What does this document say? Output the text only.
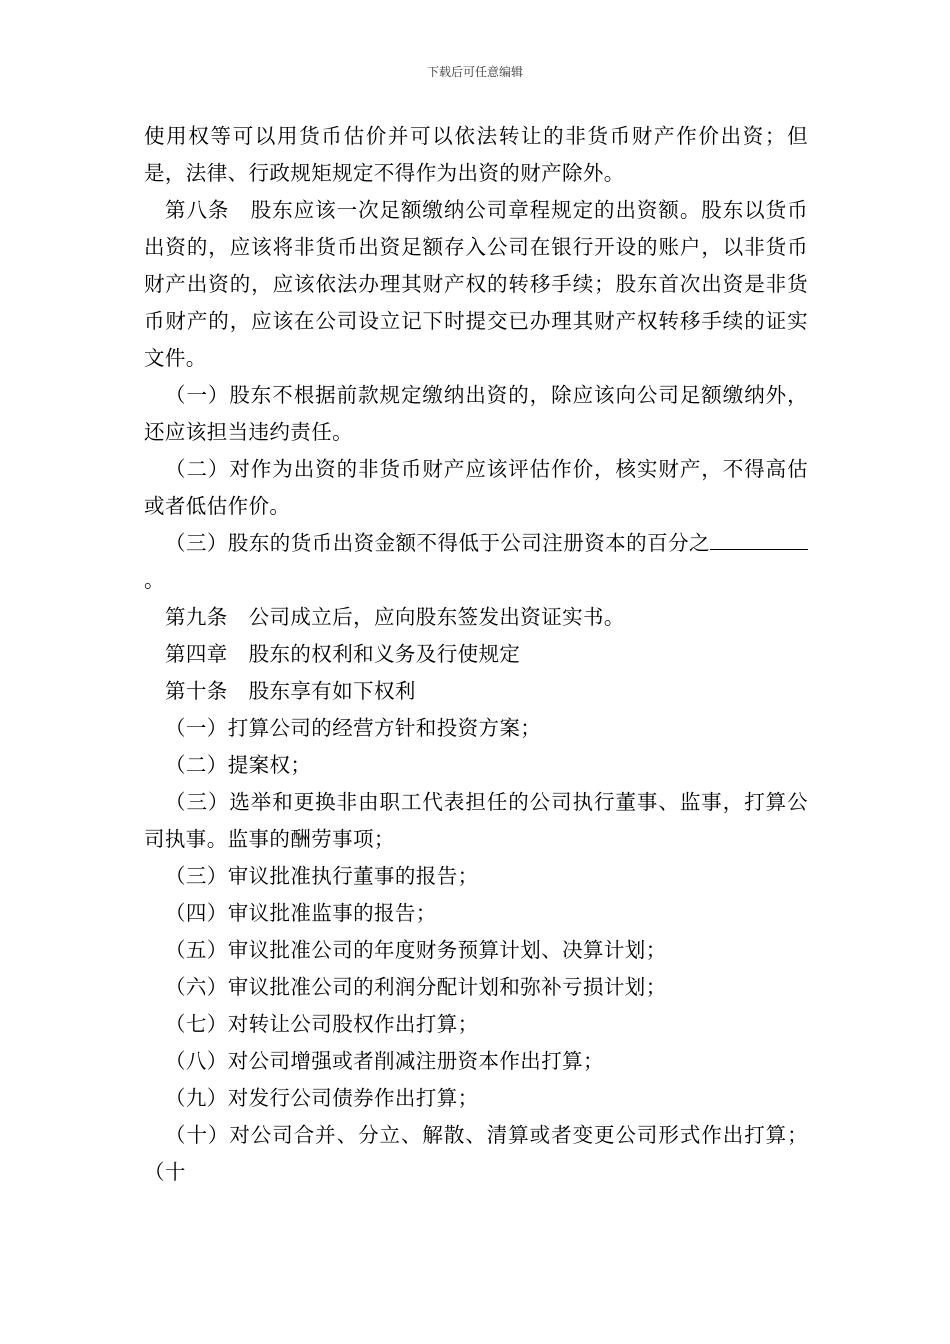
下载后可任意编辑

使用权等可以用货币估价并可以依法转让的非货币财产作价出资；但是，法律、行政规矩规定不得作为出资的财产除外。

第八条　股东应该一次足额缴纳公司章程规定的出资额。股东以货币出资的，应该将非货币出资足额存入公司在银行开设的账户，以非货币财产出资的，应该依法办理其财产权的转移手续；股东首次出资是非货币财产的，应该在公司设立记下时提交已办理其财产权转移手续的证实文件。

（一）股东不根据前款规定缴纳出资的，除应该向公司足额缴纳外，还应该担当违约责任。

（二）对作为出资的非货币财产应该评估作价，核实财产，不得高估或者低估作价。

（三）股东的货币出资金额不得低于公司注册资本的百分之。

第九条　公司成立后，应向股东签发出资证实书。

第四章　股东的权利和义务及行使规定

第十条　股东享有如下权利

（一）打算公司的经营方针和投资方案；

（二）提案权；

（三）选举和更换非由职工代表担任的公司执行董事、监事，打算公司执事。监事的酬劳事项；

（三）审议批准执行董事的报告；

（四）审议批准监事的报告；

（五）审议批准公司的年度财务预算计划、决算计划；

（六）审议批准公司的利润分配计划和弥补亏损计划；

（七）对转让公司股权作出打算；

（八）对公司增强或者削减注册资本作出打算；

（九）对发行公司债券作出打算；

（十）对公司合并、分立、解散、清算或者变更公司形式作出打算；（十
